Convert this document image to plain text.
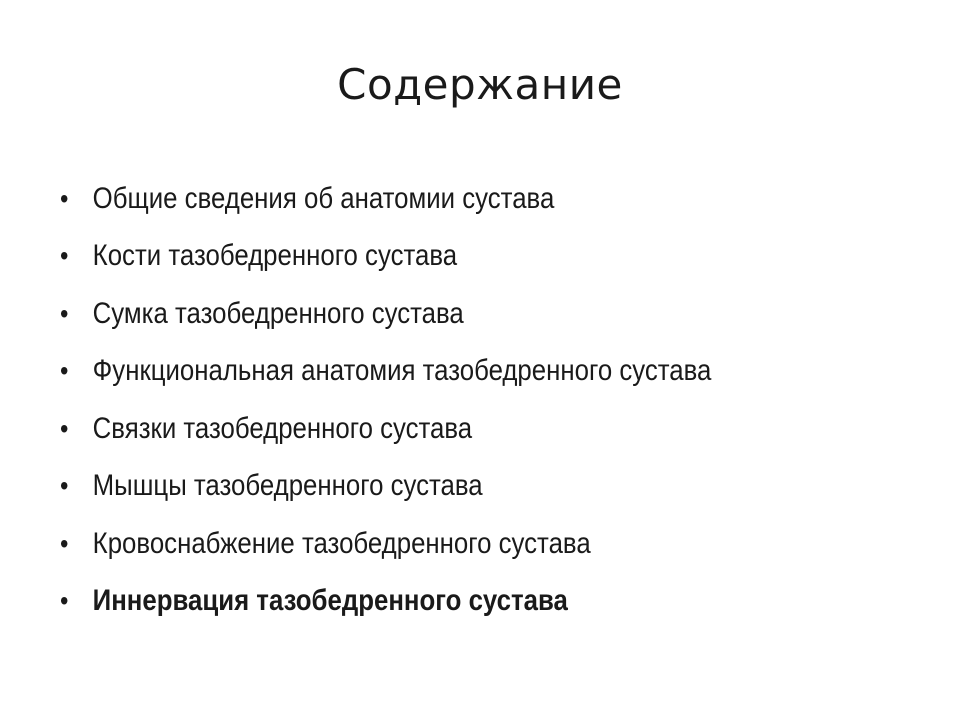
Содержание
• Общие сведения об анатомии сустава
• Кости тазобедренного сустава
• Сумка тазобедренного сустава
• Функциональная анатомия тазобедренного сустава
• Связки тазобедренного сустава
• Мышцы тазобедренного сустава
• Кровоснабжение тазобедренного сустава
• Иннервация тазобедренного сустава
